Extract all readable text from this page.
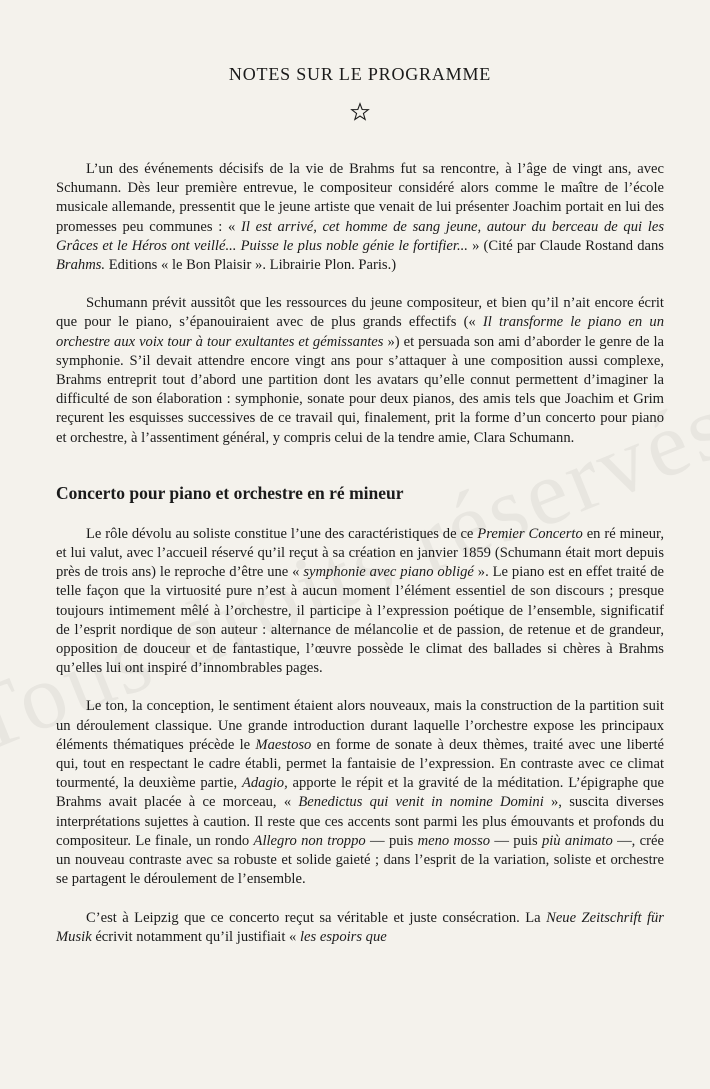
NOTES SUR LE PROGRAMME

L’un des événements décisifs de la vie de Brahms fut sa rencontre, à l’âge de vingt ans, avec Schumann. Dès leur première entrevue, le compositeur considéré alors comme le maître de l’école musicale allemande, pressentit que le jeune artiste que venait de lui présenter Joachim portait en lui des promesses peu communes : « Il est arrivé, cet homme de sang jeune, autour du berceau de qui les Grâces et le Héros ont veillé... Puisse le plus noble génie le fortifier... » (Cité par Claude Rostand dans Brahms. Editions « le Bon Plaisir ». Librairie Plon. Paris.)

Schumann prévit aussitôt que les ressources du jeune compositeur, et bien qu’il n’ait encore écrit que pour le piano, s’épanouiraient avec de plus grands effectifs (« Il transforme le piano en un orchestre aux voix tour à tour exultantes et gémissantes ») et persuada son ami d’aborder le genre de la symphonie. S’il devait attendre encore vingt ans pour s’attaquer à une composition aussi complexe, Brahms entreprit tout d’abord une partition dont les avatars qu’elle connut permettent d’imaginer la difficulté de son élaboration : symphonie, sonate pour deux pianos, des amis tels que Joachim et Grim reçurent les esquisses successives de ce travail qui, finalement, prit la forme d’un concerto pour piano et orchestre, à l’assentiment général, y compris celui de la tendre amie, Clara Schumann.

Concerto pour piano et orchestre en ré mineur

Le rôle dévolu au soliste constitue l’une des caractéristiques de ce Premier Concerto en ré mineur, et lui valut, avec l’accueil réservé qu’il reçut à sa création en janvier 1859 (Schumann était mort depuis près de trois ans) le reproche d’être une « symphonie avec piano obligé ». Le piano est en effet traité de telle façon que la virtuosité pure n’est à aucun moment l’élément essentiel de son discours ; presque toujours intimement mêlé à l’orchestre, il participe à l’expression poétique de l’ensemble, significatif de l’esprit nordique de son auteur : alternance de mélancolie et de passion, de retenue et de grandeur, opposition de douceur et de fantastique, l’œuvre possède le climat des ballades si chères à Brahms qu’elles lui ont inspiré d’innombrables pages.

Le ton, la conception, le sentiment étaient alors nouveaux, mais la construction de la partition suit un déroulement classique. Une grande introduction durant laquelle l’orchestre expose les principaux éléments thématiques précède le Maestoso en forme de sonate à deux thèmes, traité avec une liberté qui, tout en respectant le cadre établi, permet la fantaisie de l’expression. En contraste avec ce climat tourmenté, la deuxième partie, Adagio, apporte le répit et la gravité de la méditation. L’épigraphe que Brahms avait placée à ce morceau, « Benedictus qui venit in nomine Domini », suscita diverses interprétations sujettes à caution. Il reste que ces accents sont parmi les plus émouvants et profonds du compositeur. Le finale, un rondo Allegro non troppo — puis meno mosso — puis più animato —, crée un nouveau contraste avec sa robuste et solide gaieté ; dans l’esprit de la variation, soliste et orchestre se partagent le déroulement de l’ensemble.

C’est à Leipzig que ce concerto reçut sa véritable et juste consécration. La Neue Zeitschrift für Musik écrivit notamment qu’il justifiait « les espoirs que
